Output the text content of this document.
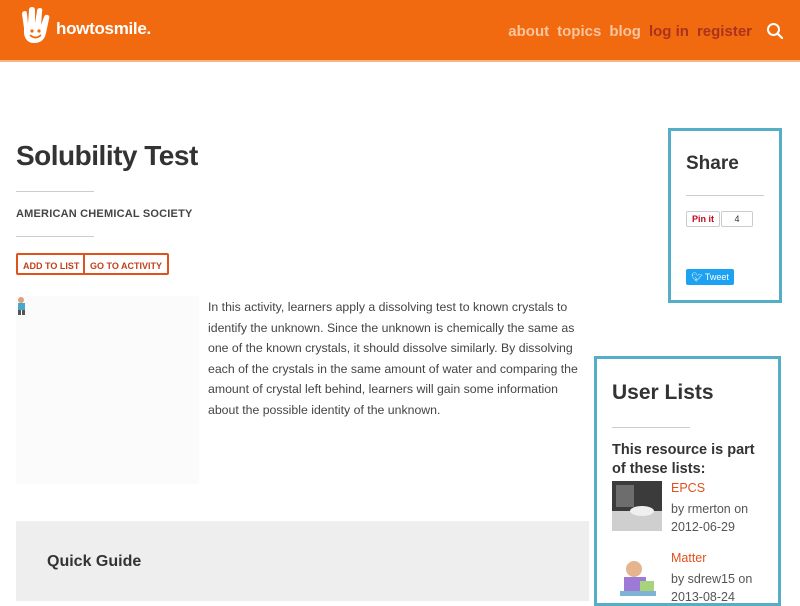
howtosmile.	about topics blog log in register
Solubility Test
AMERICAN CHEMICAL SOCIETY
ADD TO LIST	GO TO ACTIVITY
In this activity, learners apply a dissolving test to known crystals to identify the unknown. Since the unknown is chemically the same as one of the known crystals, it should dissolve similarly. By dissolving each of the crystals in the same amount of water and comparing the amount of crystal left behind, learners will gain some information about the possible identity of the unknown.
Quick Guide
Share
Pin it	4
🐦︎ Tweet
User Lists
This resource is part of these lists:
EPCS
by rmerton on 2012-06-29
Matter
by sdrew15 on 2013-08-24
